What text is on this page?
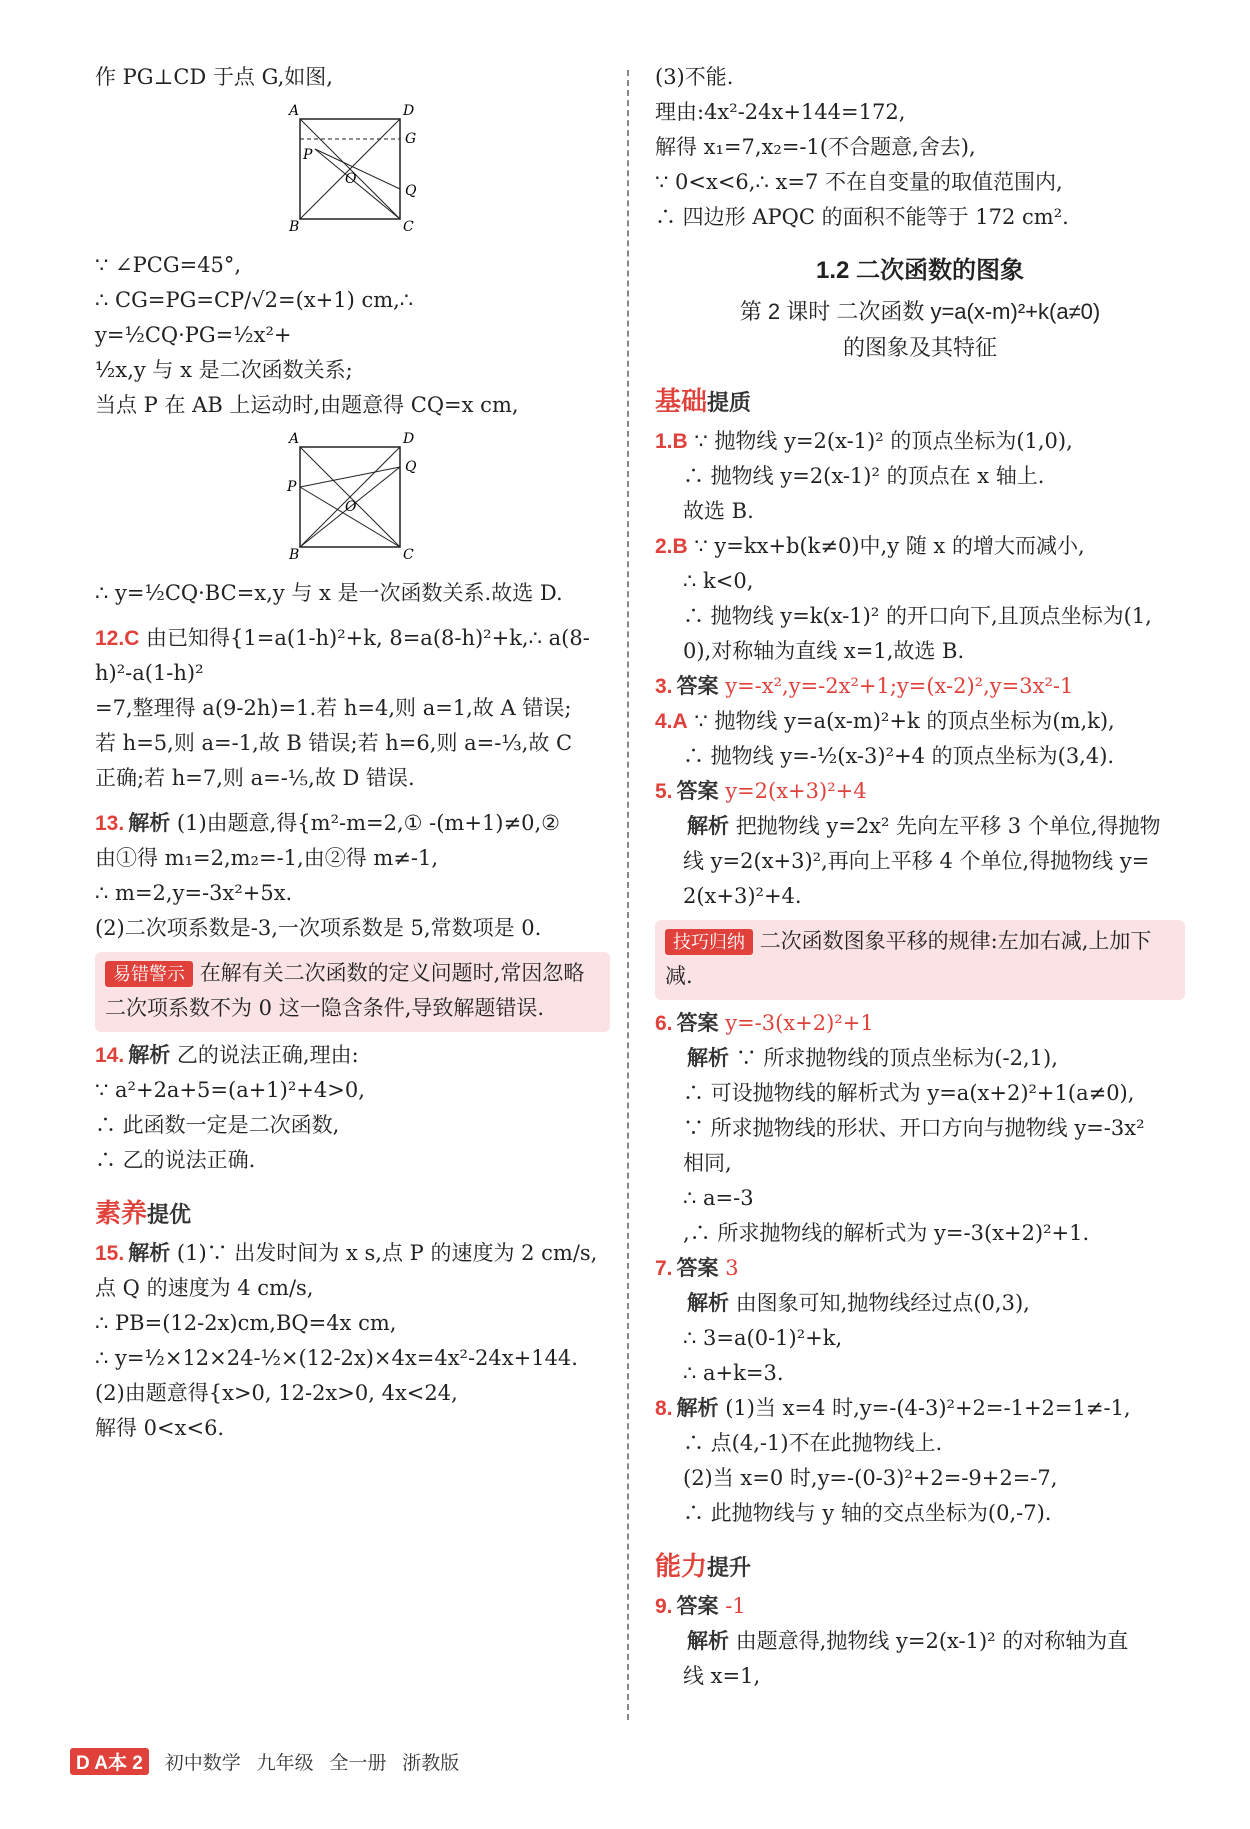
作 PG⊥CD 于点 G,如图,

A	D
G
P
O
Q
B	C

∵ ∠PCG=45°,

∴ CG=PG=CP/√2=(x+1) cm,∴ y=½CQ·PG=½x²+

½x,y 与 x 是二次函数关系;

当点 P 在 AB 上运动时,由题意得 CQ=x cm,

A	D
Q
P
O
B	C

∴ y=½CQ·BC=x,y 与 x 是一次函数关系.故选 D.

12.C 由已知得{1=a(1-h)²+k, 8=a(8-h)²+k,∴ a(8-h)²-a(1-h)²

=7,整理得 a(9-2h)=1.若 h=4,则 a=1,故 A 错误;

若 h=5,则 a=-1,故 B 错误;若 h=6,则 a=-⅓,故 C

正确;若 h=7,则 a=-⅕,故 D 错误.

13. 解析 (1)由题意,得{m²-m=2,① -(m+1)≠0,②

由①得 m₁=2,m₂=-1,由②得 m≠-1,

∴ m=2,y=-3x²+5x.

(2)二次项系数是-3,一次项系数是 5,常数项是 0.

易错警示 在解有关二次函数的定义问题时,常因忽略二次项系数不为 0 这一隐含条件,导致解题错误.

14. 解析 乙的说法正确,理由:

∵ a²+2a+5=(a+1)²+4>0,

∴ 此函数一定是二次函数,

∴ 乙的说法正确.

素养提优

15. 解析 (1)∵ 出发时间为 x s,点 P 的速度为 2 cm/s,

点 Q 的速度为 4 cm/s,

∴ PB=(12-2x)cm,BQ=4x cm,

∴ y=½×12×24-½×(12-2x)×4x=4x²-24x+144.

(2)由题意得{x>0, 12-2x>0, 4x<24,

解得 0<x<6.

(3)不能.

理由:4x²-24x+144=172,

解得 x₁=7,x₂=-1(不合题意,舍去),

∵ 0<x<6,∴ x=7 不在自变量的取值范围内,

∴ 四边形 APQC 的面积不能等于 172 cm².

1.2 二次函数的图象
第 2 课时 二次函数 y=a(x-m)²+k(a≠0)
的图象及其特征
基础提质

1.B ∵ 抛物线 y=2(x-1)² 的顶点坐标为(1,0),

∴ 抛物线 y=2(x-1)² 的顶点在 x 轴上.

故选 B.

2.B ∵ y=kx+b(k≠0)中,y 随 x 的增大而减小,

∴ k<0,

∴ 抛物线 y=k(x-1)² 的开口向下,且顶点坐标为(1,

0),对称轴为直线 x=1,故选 B.

3. 答案 y=-x²,y=-2x²+1;y=(x-2)²,y=3x²-1

4.A ∵ 抛物线 y=a(x-m)²+k 的顶点坐标为(m,k),

∴ 抛物线 y=-½(x-3)²+4 的顶点坐标为(3,4).

5. 答案 y=2(x+3)²+4

解析 把抛物线 y=2x² 先向左平移 3 个单位,得抛物

线 y=2(x+3)²,再向上平移 4 个单位,得抛物线 y=

2(x+3)²+4.

技巧归纳 二次函数图象平移的规律:左加右减,上加下减.

6. 答案 y=-3(x+2)²+1

解析 ∵ 所求抛物线的顶点坐标为(-2,1),

∴ 可设抛物线的解析式为 y=a(x+2)²+1(a≠0),

∵ 所求抛物线的形状、开口方向与抛物线 y=-3x²

相同,

∴ a=-3

,∴ 所求抛物线的解析式为 y=-3(x+2)²+1.

7. 答案 3

解析 由图象可知,抛物线经过点(0,3),

∴ 3=a(0-1)²+k,

∴ a+k=3.

8. 解析 (1)当 x=4 时,y=-(4-3)²+2=-1+2=1≠-1,

∴ 点(4,-1)不在此抛物线上.

(2)当 x=0 时,y=-(0-3)²+2=-9+2=-7,

∴ 此抛物线与 y 轴的交点坐标为(0,-7).

能力提升

9. 答案 -1

解析 由题意得,抛物线 y=2(x-1)² 的对称轴为直

线 x=1,

D A本 2 初中数学 九年级 全一册 浙教版
